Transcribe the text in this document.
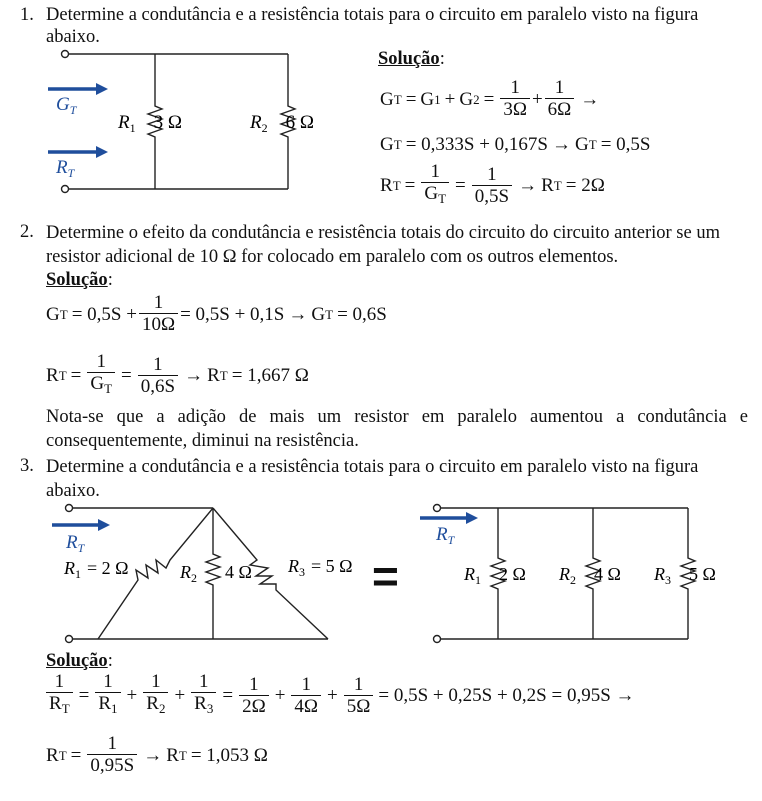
1. Determine a condutância e a resistência totais para o circuito em paralelo visto na figura abaixo.
$G_T$
$R_T$
$R_1$ 3 Ω	$R_2$ 6 Ω
Solução:
G T = G 1 + G $2 = \frac{1}{3\Omega} + \frac{1}{6\Omega}$ →
G T = 0,333S + 0,167S → G T = 0,5S
R $T = \frac{1}{G_T} = \frac{1}{0,5S} \to R$ T = 2Ω
2. Determine o efeito da condutância e resistência totais do circuito do circuito anterior se um resistor adicional de 10 Ω for colocado em paralelo com os outros elementos.
Solução:
G $T = 0,5S + \frac{1}{10\Omega} = 0,5S + 0,1S \to G$ T = 0,6S
R $T = \frac{1}{G_T} = \frac{1}{0,6S} \to R$ T = 1,667 Ω
Nota-se que a adição de mais um resistor em paralelo aumentou a condutância e consequentemente, diminui na resistência.
3. Determine a condutância e a resistência totais para o circuito em paralelo visto na figura abaixo.
$R_T$
$R_1 = 2$ Ω	$R_2$ 4 Ω $R_3 = 5$ Ω =
$R_T$
$R_1$ 2 Ω $R_2$ 4 Ω $R_3$ 5 Ω
Solução:
$\frac{1}{R_T} = \frac{1}{R_1} + \frac{1}{R_2} + \frac{1}{R_3} = \frac{1}{2\Omega} + \frac{1}{4\Omega} + \frac{1}{5\Omega} = 0,5S + 0,25S + 0,2S = 0,95S$ →
R $T = \frac{1}{0,95S} \to R$ T = 1,053 Ω
